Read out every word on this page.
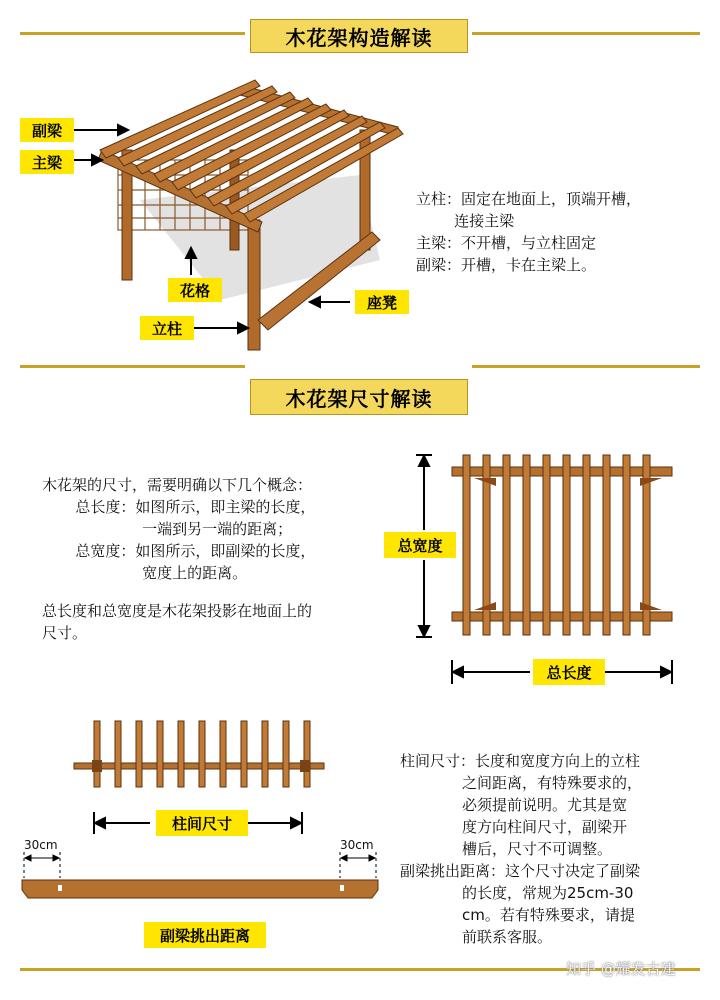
木花架构造解读
副梁
主梁
花格
立柱
座凳
立柱：固定在地面上，顶端开槽，
连接主梁
主梁：不开槽，与立柱固定
副梁：开槽，卡在主梁上。
木花架尺寸解读
木花架的尺寸，需要明确以下几个概念：
总长度：如图所示，即主梁的长度，
一端到另一端的距离；
总宽度：如图所示，即副梁的长度，
宽度上的距离。
总长度和总宽度是木花架投影在地面上的
尺寸。
总宽度
总长度
柱间尺寸
30cm	30cm
副梁挑出距离
柱间尺寸：长度和宽度方向上的立柱
之间距离，有特殊要求的，
必须提前说明。尤其是宽
度方向柱间尺寸，副梁开
槽后，尺寸不可调整。
副梁挑出距离：这个尺寸决定了副梁
的长度，常规为25cm-30
cm。若有特殊要求，请提
前联系客服。
知乎 @耀发古建
